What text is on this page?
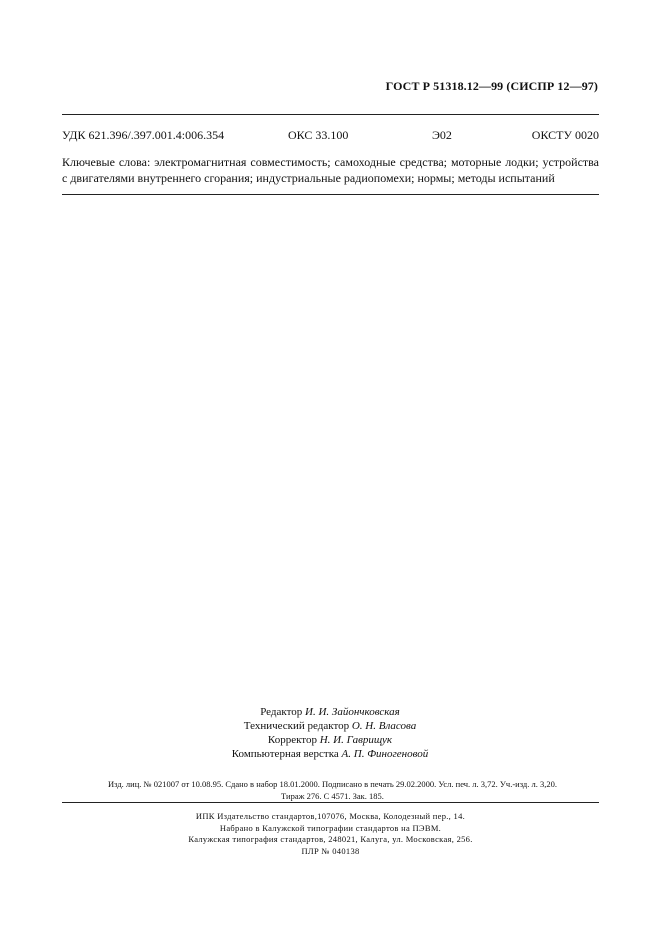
ГОСТ Р 51318.12—99 (СИСПР 12—97)
УДК 621.396/.397.001.4:006.354	ОКС 33.100	Э02	ОКСТУ 0020
Ключевые слова: электромагнитная совместимость; самоходные средства; моторные лодки; устройства
с двигателями внутреннего сгорания; индустриальные радиопомехи; нормы; методы испытаний
Редактор И. И. Зайончковская
Технический редактор О. Н. Власова
Корректор Н. И. Гаврищук
Компьютерная верстка А. П. Финогеновой
Изд. лиц. № 021007 от 10.08.95. Сдано в набор 18.01.2000. Подписано в печать 29.02.2000. Усл. печ. л. 3,72. Уч.-изд. л. 3,20.
Тираж 276. С 4571. Зак. 185.
ИПК Издательство стандартов,107076, Москва, Колодезный пер., 14.
Набрано в Калужской типографии стандартов на ПЭВМ.
Калужская типография стандартов, 248021, Калуга, ул. Московская, 256.
ПЛР № 040138
